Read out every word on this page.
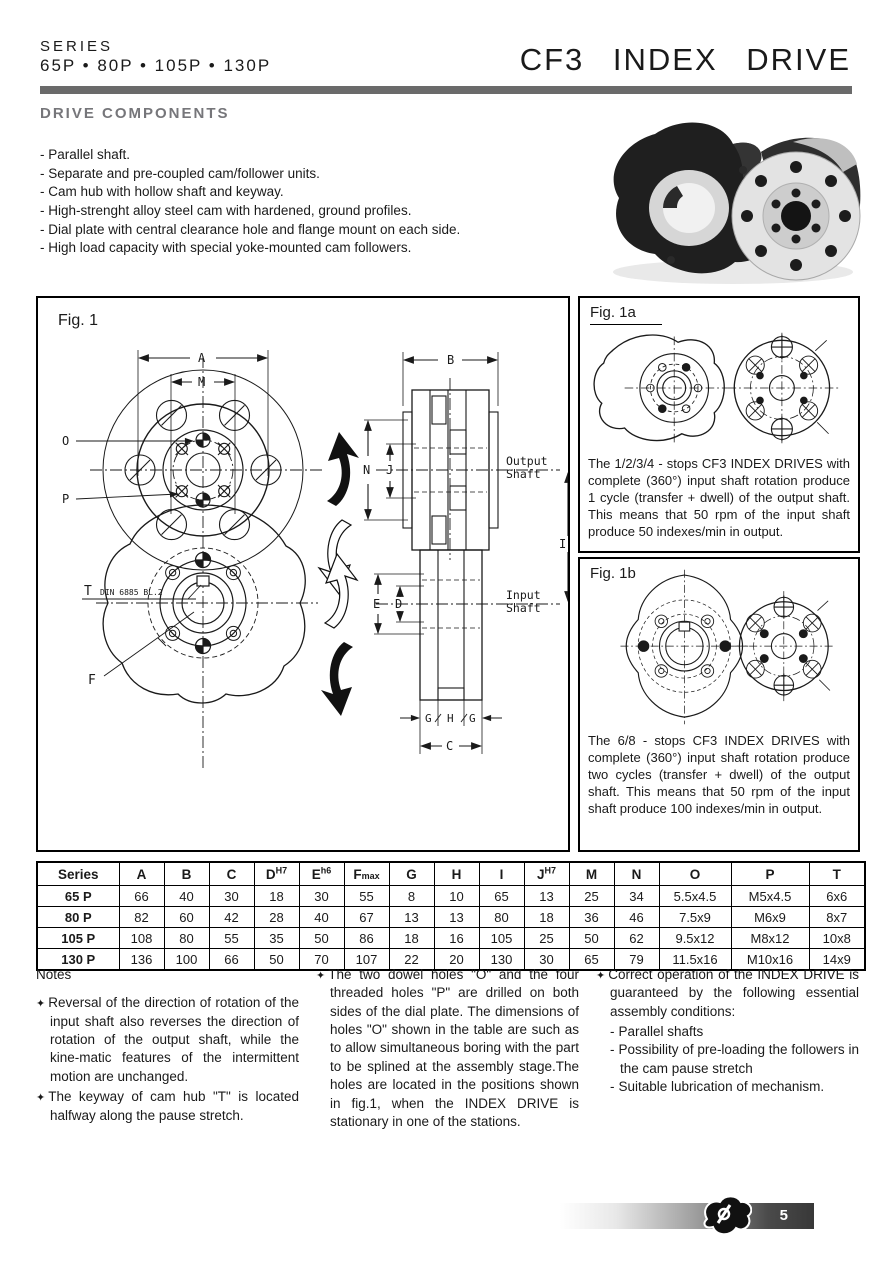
SERIES
65P • 80P • 105P • 130P	CF3 INDEX DRIVE
DRIVE COMPONENTS
- Parallel shaft.
- Separate and pre-coupled cam/follower units.
- Cam hub with hollow shaft and keyway.
- High-strenght alloy steel cam with hardened, ground profiles.
- Dial plate with central clearance hole and flange mount on each side.
- High load capacity with special yoke-mounted cam followers.
Fig. 1
A
M
O
P
T DIN 6885 BL.2
F
B
N J
I
E D
G H G
C
Output
Shaft
Input
Shaft
Fig. 1a
The 1/2/3/4 - stops CF3 INDEX DRIVES with complete (360°) input shaft rotation produce 1 cycle (transfer + dwell) of the output shaft. This means that 50 rpm of the input shaft produce 50 indexes/min in output.
Fig. 1b
The 6/8 - stops CF3 INDEX DRIVES with complete (360°) input shaft rotation produce two cycles (transfer + dwell) of the output shaft. This means that 50 rpm of the input shaft produce 100 indexes/min in output.
Series	A	B	C	$D^{H7}$	$E^{h6}$	Fmax	G	H	I	$J^{H7}$	M	N	O	P	T
65 P	66	40	30	18	30	55	8	10	65	13	25	34	5.5x4.5	M5x4.5	6x6
80 P	82	60	42	28	40	67	13	13	80	18	36	46	7.5x9	M6x9	8x7
105 P	108	80	55	35	50	86	18	16	105	25	50	62	9.5x12	M8x12	10x8
130 P	136	100	66	50	70	107	22	20	130	30	65	79	11.5x16	M10x16	14x9
Notes
✦ Reversal of the direction of rotation of the input shaft also reverses the direction of rotation of the output shaft, while the kine-matic features of the intermittent motion are unchanged.
✦ The keyway of cam hub "T" is located halfway along the pause stretch.
✦ The two dowel holes "O" and the four threaded holes "P" are drilled on both sides of the dial plate. The dimensions of holes "O" shown in the table are such as to allow simultaneous boring with the part to be splined at the assembly stage.The holes are located in the positions shown in fig.1, when the INDEX DRIVE is stationary in one of the stations.
✦ Correct operation of the INDEX DRIVE is guaranteed by the following essential assembly conditions:
- Parallel shafts
- Possibility of pre-loading the followers in the cam pause stretch
- Suitable lubrication of mechanism.
5
